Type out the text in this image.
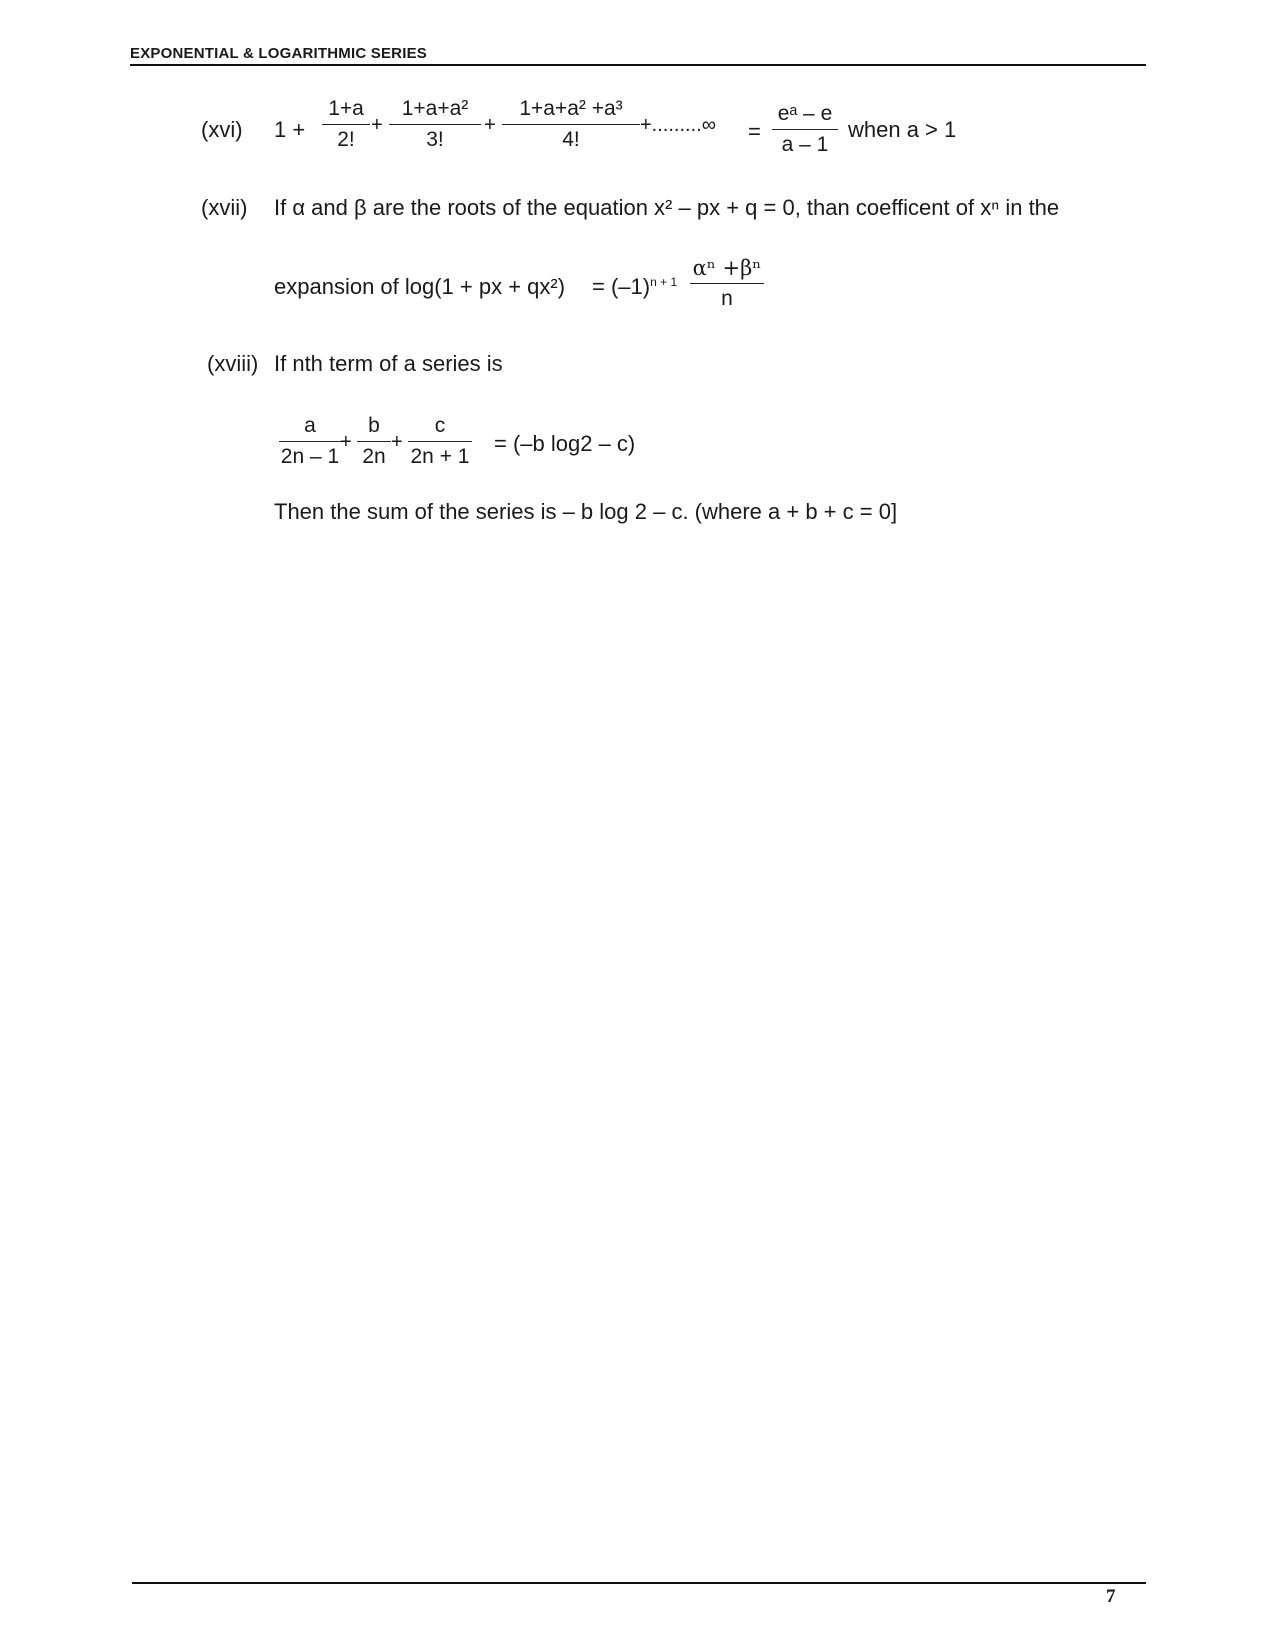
EXPONENTIAL & LOGARITHMIC SERIES
(xvi) 1 +
1+a
2!
+
1+a+a²
3!
+
1+a+a² +a³
4!
+.........∞ =
eᵃ – e
a – 1
when a > 1
(xvii) If α and β are the roots of the equation x² – px + q = 0, than coefficent of xⁿ in the
expansion of log(1 + px + $qx^2) = (-1)^{n + 1}$
αⁿ +βⁿ
n
(xviii) If nth term of a series is
a
2n – 1
+
b
2n
+
c
2n + 1
= (–b log2 – c)
Then the sum of the series is – b log 2 – c. (where a + b + c = 0]
7
